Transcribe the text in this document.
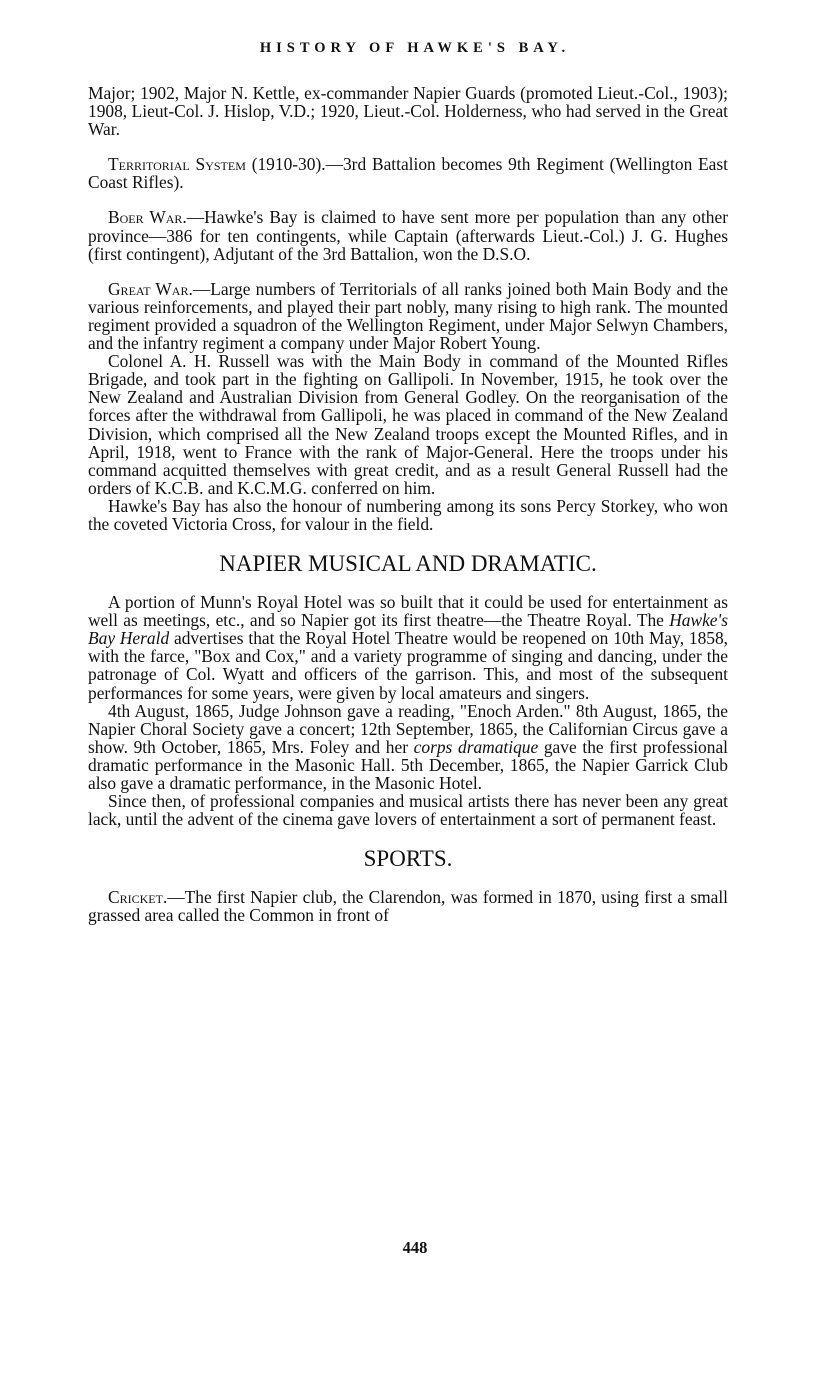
HISTORY OF HAWKE'S BAY.

Major; 1902, Major N. Kettle, ex-commander Napier Guards (promoted Lieut.-Col., 1903); 1908, Lieut-Col. J. Hislop, V.D.; 1920, Lieut.-Col. Holderness, who had served in the Great War.

Territorial System (1910-30).—3rd Battalion becomes 9th Regiment (Wellington East Coast Rifles).

Boer War.—Hawke's Bay is claimed to have sent more per population than any other province—386 for ten contingents, while Captain (afterwards Lieut.-Col.) J. G. Hughes (first contingent), Adjutant of the 3rd Battalion, won the D.S.O.

Great War.—Large numbers of Territorials of all ranks joined both Main Body and the various reinforcements, and played their part nobly, many rising to high rank. The mounted regiment provided a squadron of the Wellington Regiment, under Major Selwyn Chambers, and the infantry regiment a company under Major Robert Young.

Colonel A. H. Russell was with the Main Body in command of the Mounted Rifles Brigade, and took part in the fighting on Gallipoli. In November, 1915, he took over the New Zealand and Australian Division from General Godley. On the reorganisation of the forces after the withdrawal from Gallipoli, he was placed in command of the New Zealand Division, which comprised all the New Zealand troops except the Mounted Rifles, and in April, 1918, went to France with the rank of Major-General. Here the troops under his command acquitted themselves with great credit, and as a result General Russell had the orders of K.C.B. and K.C.M.G. conferred on him.

Hawke's Bay has also the honour of numbering among its sons Percy Storkey, who won the coveted Victoria Cross, for valour in the field.

NAPIER MUSICAL AND DRAMATIC.

A portion of Munn's Royal Hotel was so built that it could be used for entertainment as well as meetings, etc., and so Napier got its first theatre—the Theatre Royal. The Hawke's Bay Herald advertises that the Royal Hotel Theatre would be reopened on 10th May, 1858, with the farce, "Box and Cox," and a variety programme of singing and dancing, under the patronage of Col. Wyatt and officers of the garrison. This, and most of the subsequent performances for some years, were given by local amateurs and singers.

4th August, 1865, Judge Johnson gave a reading, "Enoch Arden." 8th August, 1865, the Napier Choral Society gave a concert; 12th September, 1865, the Californian Circus gave a show. 9th October, 1865, Mrs. Foley and her corps dramatique gave the first professional dramatic performance in the Masonic Hall. 5th December, 1865, the Napier Garrick Club also gave a dramatic performance, in the Masonic Hotel.

Since then, of professional companies and musical artists there has never been any great lack, until the advent of the cinema gave lovers of entertainment a sort of permanent feast.

SPORTS.

Cricket.—The first Napier club, the Clarendon, was formed in 1870, using first a small grassed area called the Common in front of

448
